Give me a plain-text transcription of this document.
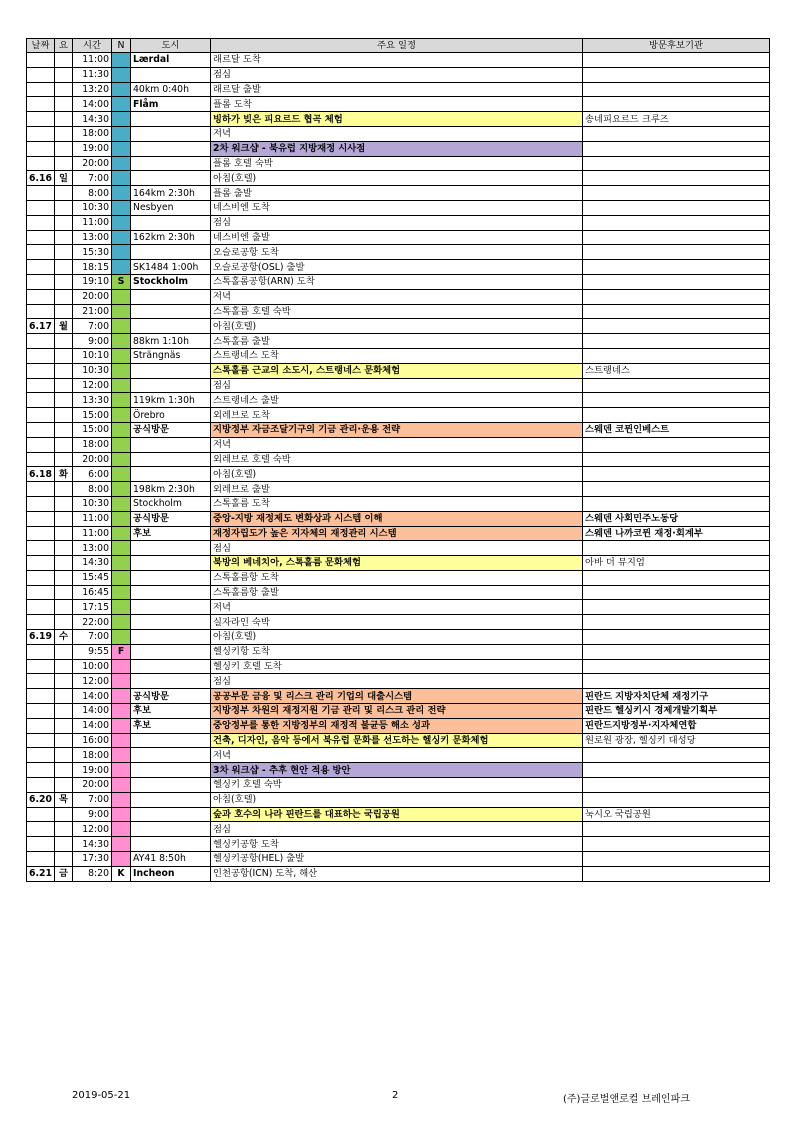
날짜	요	시간	N	도시	주요 일정	방문후보기관
		11:00		Lærdal	래르달 도착	
		11:30			점심	
		13:20		40km 0:40h	래르달 출발	
		14:00		Flåm	플롬 도착	
		14:30			빙하가 빚은 피요르드 협곡 체험	송네피요르드 크루즈
		18:00			저녁	
		19:00			2차 워크샵 - 북유럽 지방재정 시사점	
		20:00			플롬 호텔 숙박	
6.16	일	7:00			아침(호텔)	
		8:00		164km 2:30h	플롬 출발	
		10:30		Nesbyen	네스비엔 도착	
		11:00			점심	
		13:00		162km 2:30h	네스비엔 출발	
		15:30			오슬로공항 도착	
		18:15		SK1484 1:00h	오슬로공항(OSL) 출발	
		19:10	S	Stockholm	스톡홀롬공항(ARN) 도착	
		20:00			저녁	
		21:00			스톡홀름 호텔 숙박	
6.17	월	7:00			아침(호텔)	
		9:00		88km 1:10h	스톡홀름 출발	
		10:10		Strängnäs	스트랭네스 도착	
		10:30			스톡홀름 근교의 소도시, 스트랭네스 문화체험	스트랭네스
		12:00			점심	
		13:30		119km 1:30h	스트랭네스 출발	
		15:00		Örebro	외레브로 도착	
		15:00		공식방문	지방정부 자금조달기구의 기금 관리·운용 전략	스웨덴 코뮌인베스트
		18:00			저녁	
		20:00			외레브로 호텔 숙박	
6.18	화	6:00			아침(호텔)	
		8:00		198km 2:30h	외레브로 출발	
		10:30		Stockholm	스톡홀름 도착	
		11:00		공식방문	중앙-지방 재정제도 변화상과 시스템 이해	스웨덴 사회민주노동당
		11:00		후보	재정자립도가 높은 지자체의 재정관리 시스템	스웨덴 나까코뮌 재정·회계부
		13:00			점심	
		14:30			북방의 베네치아, 스톡홀름 문화체험	아바 더 뮤지엄
		15:45			스톡홀름항 도착	
		16:45			스톡홀름항 출발	
		17:15			저녁	
		22:00			실자라인 숙박	
6.19	수	7:00			아침(호텔)	
		9:55	F		헬싱키항 도착	
		10:00			헬싱키 호텔 도착	
		12:00			점심	
		14:00		공식방문	공공부문 금융 및 리스크 관리 기업의 대출시스템	핀란드 지방자치단체 재정기구
		14:00		후보	지방정부 차원의 재정지원 기금 관리 및 리스크 관리 전략	핀란드 헬싱키시 경제개발기획부
		14:00		후보	중앙정부를 통한 지방정부의 재정적 불균등 해소 성과	핀란드지방정부·지자체연합
		16:00			건축, 디자인, 음악 등에서 북유럽 문화를 선도하는 헬싱키 문화체험	원로원 광장, 헬싱키 대성당
		18:00			저녁	
		19:00			3차 워크샵 - 추후 현안 적용 방안	
		20:00			헬싱키 호텔 숙박	
6.20	목	7:00			아침(호텔)	
		9:00			숲과 호수의 나라 핀란드를 대표하는 국립공원	눅시오 국립공원
		12:00			점심	
		14:30			헬싱키공항 도착	
		17:30		AY41 8:50h	헬싱키공항(HEL) 출발	
6.21	금	8:20	K	Incheon	인천공항(ICN) 도착, 해산	
2019-05-21	2	(주)글로벌앤로컬 브레인파크
